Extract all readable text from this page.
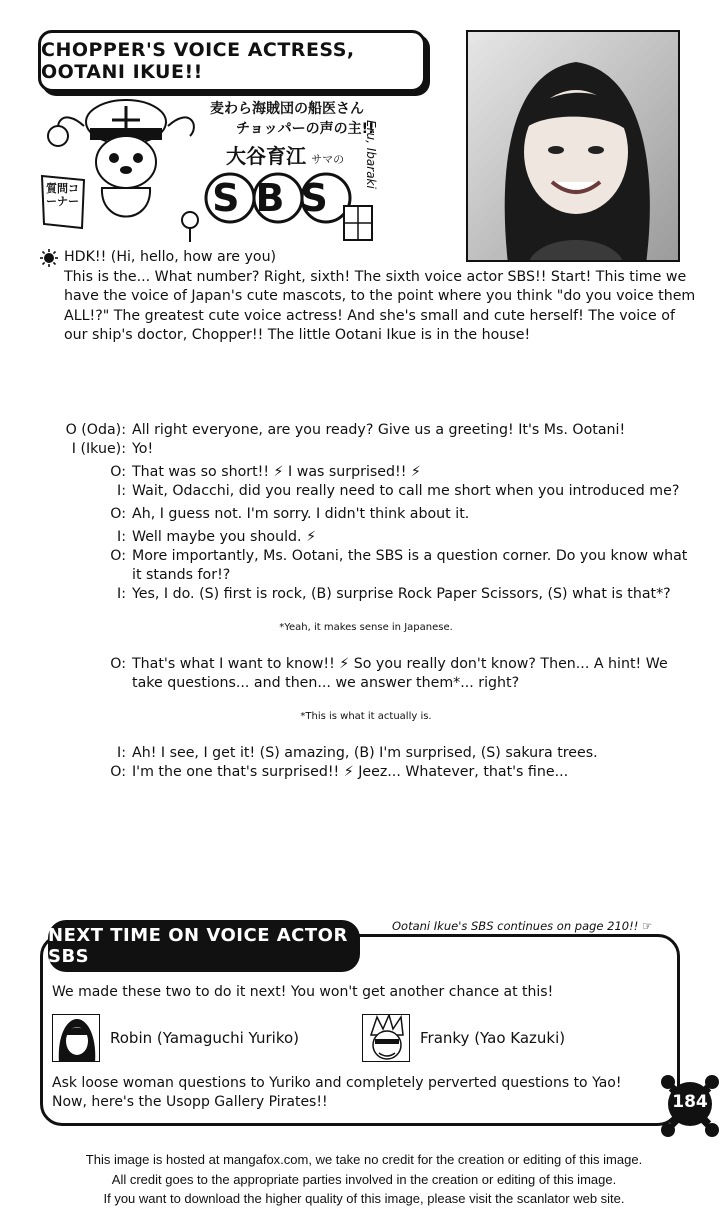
CHOPPER'S VOICE ACTRESS, OOTANI IKUE!!
麦わら海賊団の船医さん
チョッパーの声の主!!
大谷育江 サマの
質問コーナー	SBS
Eru, Ibaraki
HDK!! (Hi, hello, how are you)
This is the... What number? Right, sixth! The sixth voice actor SBS!! Start! This time we have the voice of Japan's cute mascots, to the point where you think "do you voice them ALL!?" The greatest cute voice actress! And she's small and cute herself! The voice of our ship's doctor, Chopper!! The little Ootani Ikue is in the house!
O (Oda): All right everyone, are you ready? Give us a greeting! It's Ms. Ootani!
I (Ikue): Yo!
O: That was so short!! ⚡ I was surprised!! ⚡
I: Wait, Odacchi, did you really need to call me short when you introduced me?
O: Ah, I guess not. I'm sorry. I didn't think about it.
I: Well maybe you should. ⚡
O: More importantly, Ms. Ootani, the SBS is a question corner. Do you know what it stands for!?
I: Yes, I do. (S) first is rock, (B) surprise Rock Paper Scissors, (S) what is that*?
*Yeah, it makes sense in Japanese.
O: That's what I want to know!! ⚡ So you really don't know? Then... A hint! We take questions... and then... we answer them*... right?
*This is what it actually is.
I: Ah! I see, I get it! (S) amazing, (B) I'm surprised, (S) sakura trees.
O: I'm the one that's surprised!! ⚡ Jeez... Whatever, that's fine...
Ootani Ikue's SBS continues on page 210!! ☞
NEXT TIME ON VOICE ACTOR SBS
We made these two to do it next! You won't get another chance at this!
Robin (Yamaguchi Yuriko)	Franky (Yao Kazuki)
Ask loose woman questions to Yuriko and completely perverted questions to Yao! Now, here's the Usopp Gallery Pirates!!	184
This image is hosted at mangafox.com, we take no credit for the creation or editing of this image.
All credit goes to the appropriate parties involved in the creation or editing of this image.
If you want to download the higher quality of this image, please visit the scanlator web site.
